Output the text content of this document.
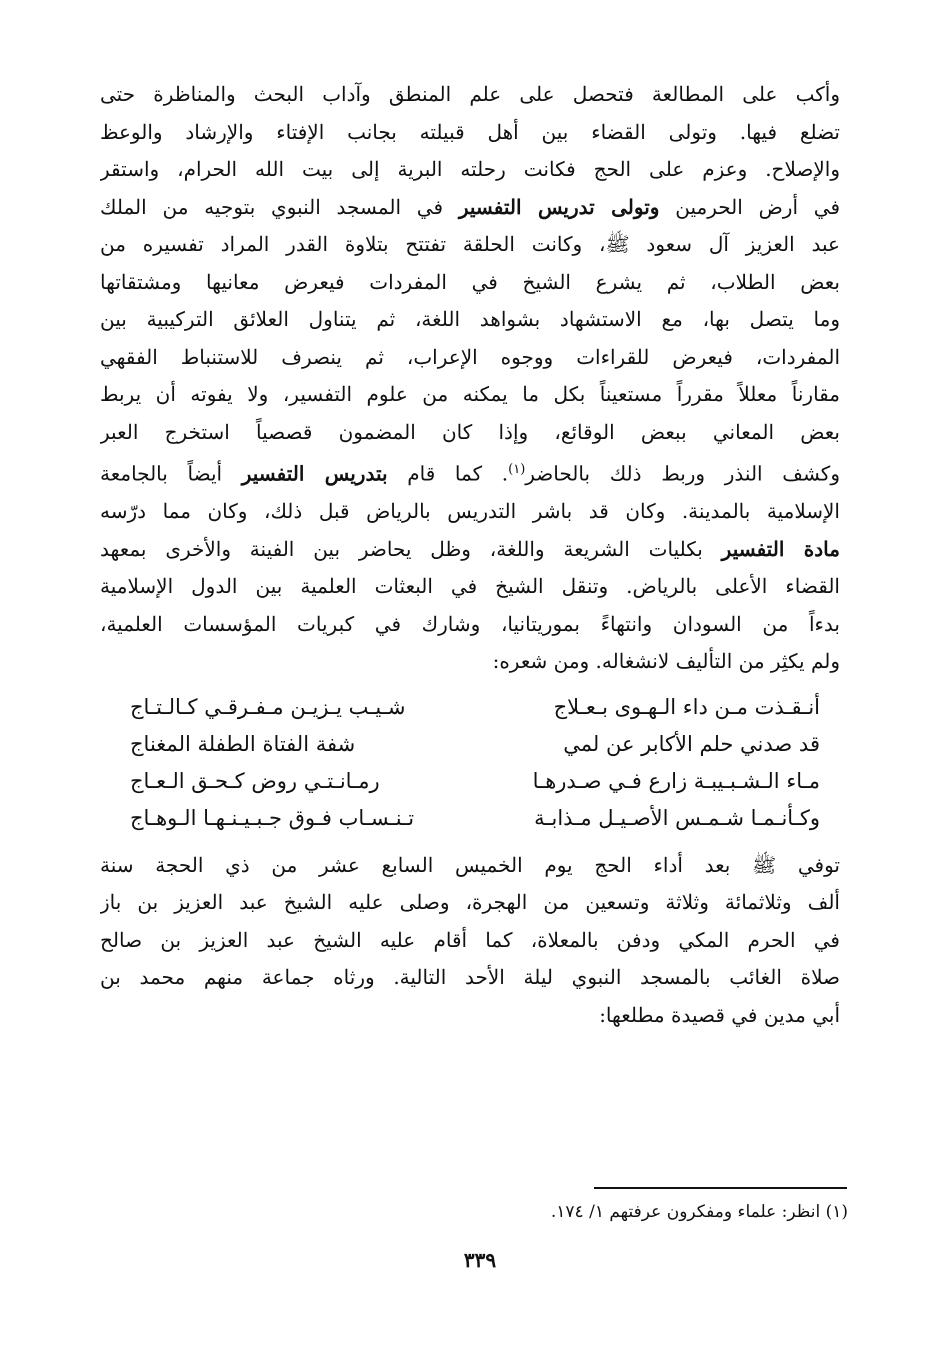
وأكب على المطالعة فتحصل على علم المنطق وآداب البحث والمناظرة حتى
تضلع فيها. وتولى القضاء بين أهل قبيلته بجانب الإفتاء والإرشاد والوعظ
والإصلاح. وعزم على الحج فكانت رحلته البرية إلى بيت الله الحرام، واستقر
في أرض الحرمين وتولى تدريس التفسير في المسجد النبوي بتوجيه من الملك
عبد العزيز آل سعود ﷺ، وكانت الحلقة تفتتح بتلاوة القدر المراد تفسيره من
بعض الطلاب، ثم يشرع الشيخ في المفردات فيعرض معانيها ومشتقاتها
وما يتصل بها، مع الاستشهاد بشواهد اللغة، ثم يتناول العلائق التركيبية بين
المفردات، فيعرض للقراءات ووجوه الإعراب، ثم ينصرف للاستنباط الفقهي
مقارناً معللاً مقرراً مستعيناً بكل ما يمكنه من علوم التفسير، ولا يفوته أن يربط
بعض المعاني ببعض الوقائع، وإذا كان المضمون قصصياً استخرج العبر
وكشف النذر وربط ذلك بالحاضر$^{(١)}$. كما قام بتدريس التفسير أيضاً بالجامعة
الإسلامية بالمدينة. وكان قد باشر التدريس بالرياض قبل ذلك، وكان مما درّسه
مادة التفسير بكليات الشريعة واللغة، وظل يحاضر بين الفينة والأخرى بمعهد
القضاء الأعلى بالرياض. وتنقل الشيخ في البعثات العلمية بين الدول الإسلامية
بدءاً من السودان وانتهاءً بموريتانيا، وشارك في كبريات المؤسسات العلمية،
ولم يكثِر من التأليف لانشغاله. ومن شعره:
أنـقـذت مـن داء الـهـوى بـعـلاج
شـيـب يـزيـن مـفـرقـي كـالـتـاج
قد صدني حلم الأكابر عن لمي
شفة الفتاة الطفلة المغناج
مـاء الـشـبـيبـة زارع فـي صـدرهـا
رمـانـتـي روض كـحـق الـعـاج
وكـأنـمـا شـمـس الأصـيـل مـذابـة
تـنـسـاب فـوق جـبـيـنـهـا الـوهـاج
توفي ﷺ بعد أداء الحج يوم الخميس السابع عشر من ذي الحجة سنة
ألف وثلاثمائة وثلاثة وتسعين من الهجرة، وصلى عليه الشيخ عبد العزيز بن باز
في الحرم المكي ودفن بالمعلاة، كما أقام عليه الشيخ عبد العزيز بن صالح
صلاة الغائب بالمسجد النبوي ليلة الأحد التالية. ورثاه جماعة منهم محمد بن
أبي مدين في قصيدة مطلعها:
(١) انظر: علماء ومفكرون عرفتهم ١/ ١٧٤.
٣٣٩
